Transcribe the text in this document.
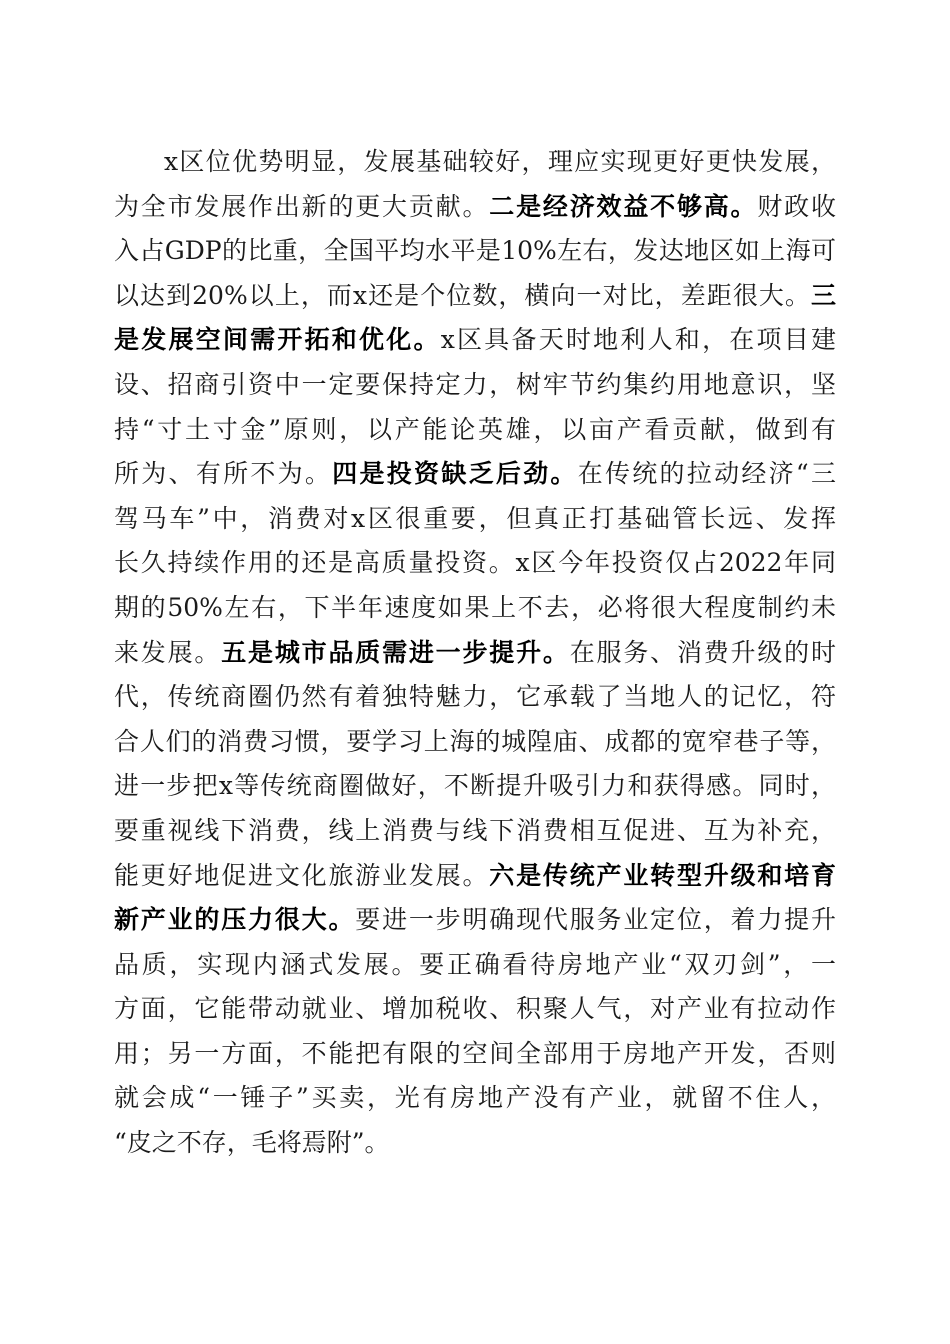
x区位优势明显，发展基础较好，理应实现更好更快发展，
为全市发展作出新的更大贡献。二是经济效益不够高。财政收
入占GDP的比重，全国平均水平是10%左右，发达地区如上海可
以达到20%以上，而x还是个位数，横向一对比，差距很大。三
是发展空间需开拓和优化。x区具备天时地利人和，在项目建
设、招商引资中一定要保持定力，树牢节约集约用地意识，坚
持“寸土寸金”原则，以产能论英雄，以亩产看贡献，做到有
所为、有所不为。四是投资缺乏后劲。在传统的拉动经济“三
驾马车”中，消费对x区很重要，但真正打基础管长远、发挥
长久持续作用的还是高质量投资。x区今年投资仅占2022年同
期的50%左右，下半年速度如果上不去，必将很大程度制约未
来发展。五是城市品质需进一步提升。在服务、消费升级的时
代，传统商圈仍然有着独特魅力，它承载了当地人的记忆，符
合人们的消费习惯，要学习上海的城隍庙、成都的宽窄巷子等，
进一步把x等传统商圈做好，不断提升吸引力和获得感。同时，
要重视线下消费，线上消费与线下消费相互促进、互为补充，
能更好地促进文化旅游业发展。六是传统产业转型升级和培育
新产业的压力很大。要进一步明确现代服务业定位，着力提升
品质，实现内涵式发展。要正确看待房地产业“双刃剑”，一
方面，它能带动就业、增加税收、积聚人气，对产业有拉动作
用；另一方面，不能把有限的空间全部用于房地产开发，否则
就会成“一锤子”买卖，光有房地产没有产业，就留不住人，
“皮之不存，毛将焉附”。
